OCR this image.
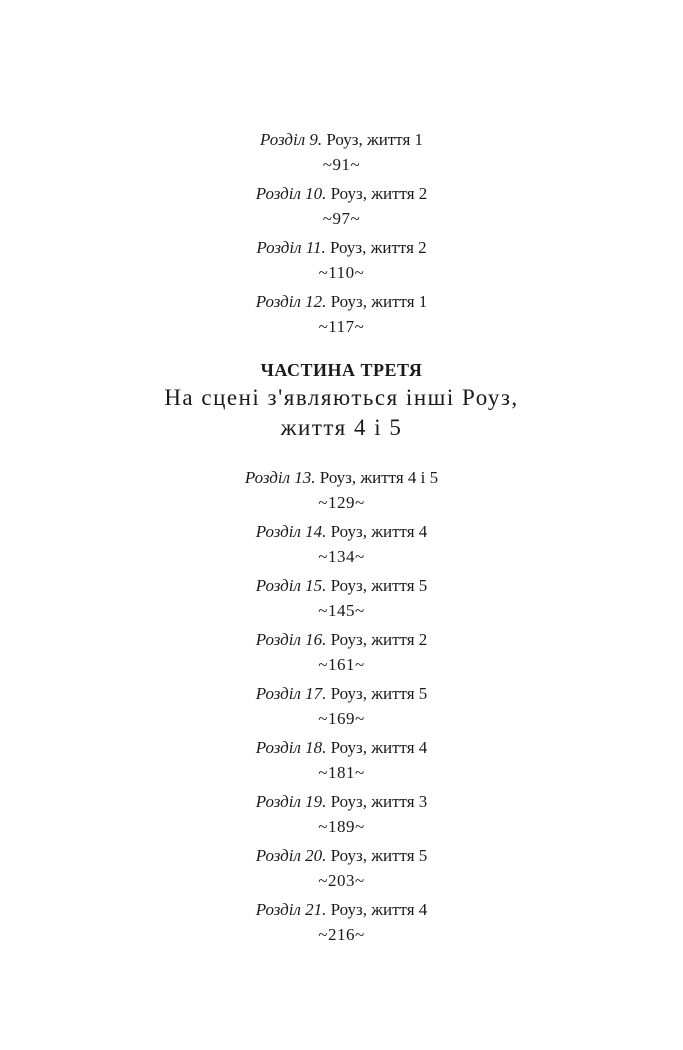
Розділ 9. Роуз, життя 1
~91~
Розділ 10. Роуз, життя 2
~97~
Розділ 11. Роуз, життя 2
~110~
Розділ 12. Роуз, життя 1
~117~
ЧАСТИНА ТРЕТЯ
На сцені з'являються інші Роуз,
життя 4 і 5
Розділ 13. Роуз, життя 4 і 5
~129~
Розділ 14. Роуз, життя 4
~134~
Розділ 15. Роуз, життя 5
~145~
Розділ 16. Роуз, життя 2
~161~
Розділ 17. Роуз, життя 5
~169~
Розділ 18. Роуз, життя 4
~181~
Розділ 19. Роуз, життя 3
~189~
Розділ 20. Роуз, життя 5
~203~
Розділ 21. Роуз, життя 4
~216~
